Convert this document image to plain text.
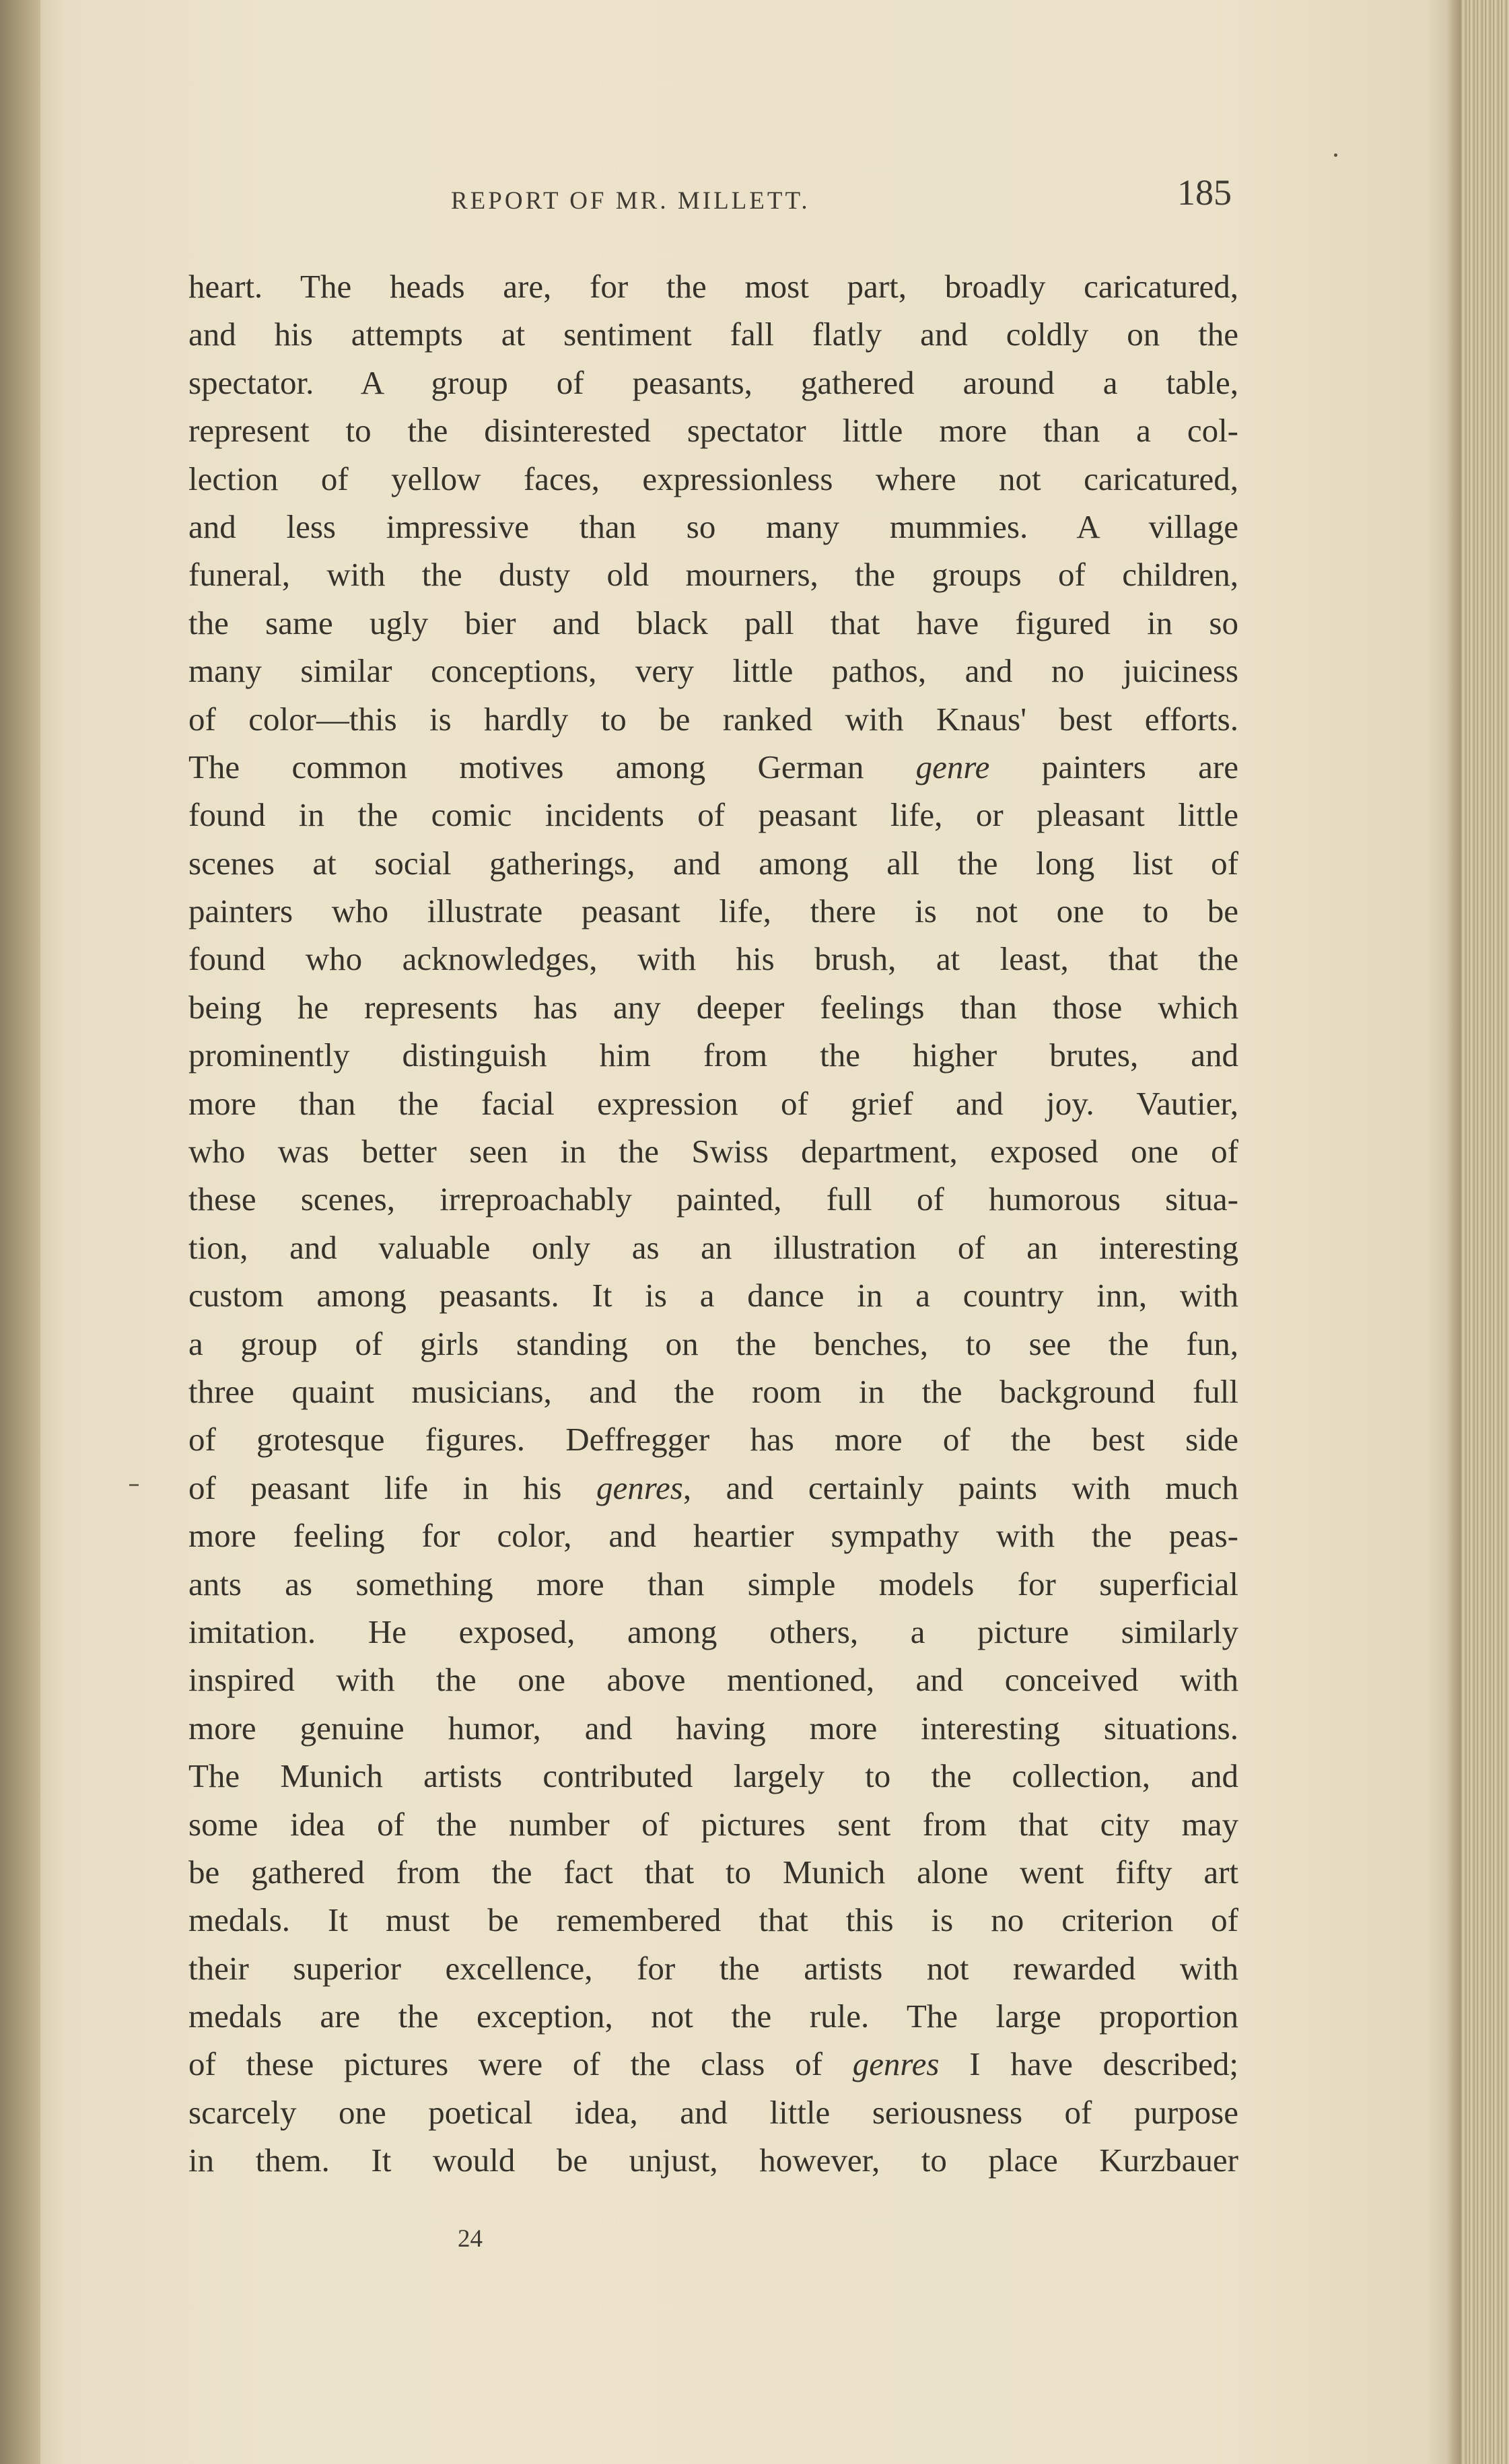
REPORT OF MR. MILLETT.	185
heart. The heads are, for the most part, broadly caricatured,
and his attempts at sentiment fall flatly and coldly on the
spectator. A group of peasants, gathered around a table,
represent to the disinterested spectator little more than a col-
lection of yellow faces, expressionless where not caricatured,
and less impressive than so many mummies. A village
funeral, with the dusty old mourners, the groups of children,
the same ugly bier and black pall that have figured in so
many similar conceptions, very little pathos, and no juiciness
of color—this is hardly to be ranked with Knaus' best efforts.
The common motives among German genre painters are
found in the comic incidents of peasant life, or pleasant little
scenes at social gatherings, and among all the long list of
painters who illustrate peasant life, there is not one to be
found who acknowledges, with his brush, at least, that the
being he represents has any deeper feelings than those which
prominently distinguish him from the higher brutes, and
more than the facial expression of grief and joy. Vautier,
who was better seen in the Swiss department, exposed one of
these scenes, irreproachably painted, full of humorous situa-
tion, and valuable only as an illustration of an interesting
custom among peasants. It is a dance in a country inn, with
a group of girls standing on the benches, to see the fun,
three quaint musicians, and the room in the background full
of grotesque figures. Deffregger has more of the best side
of peasant life in his genres, and certainly paints with much
more feeling for color, and heartier sympathy with the peas-
ants as something more than simple models for superficial
imitation. He exposed, among others, a picture similarly
inspired with the one above mentioned, and conceived with
more genuine humor, and having more interesting situations.
The Munich artists contributed largely to the collection, and
some idea of the number of pictures sent from that city may
be gathered from the fact that to Munich alone went fifty art
medals. It must be remembered that this is no criterion of
their superior excellence, for the artists not rewarded with
medals are the exception, not the rule. The large proportion
of these pictures were of the class of genres I have described;
scarcely one poetical idea, and little seriousness of purpose
in them. It would be unjust, however, to place Kurzbauer
24
